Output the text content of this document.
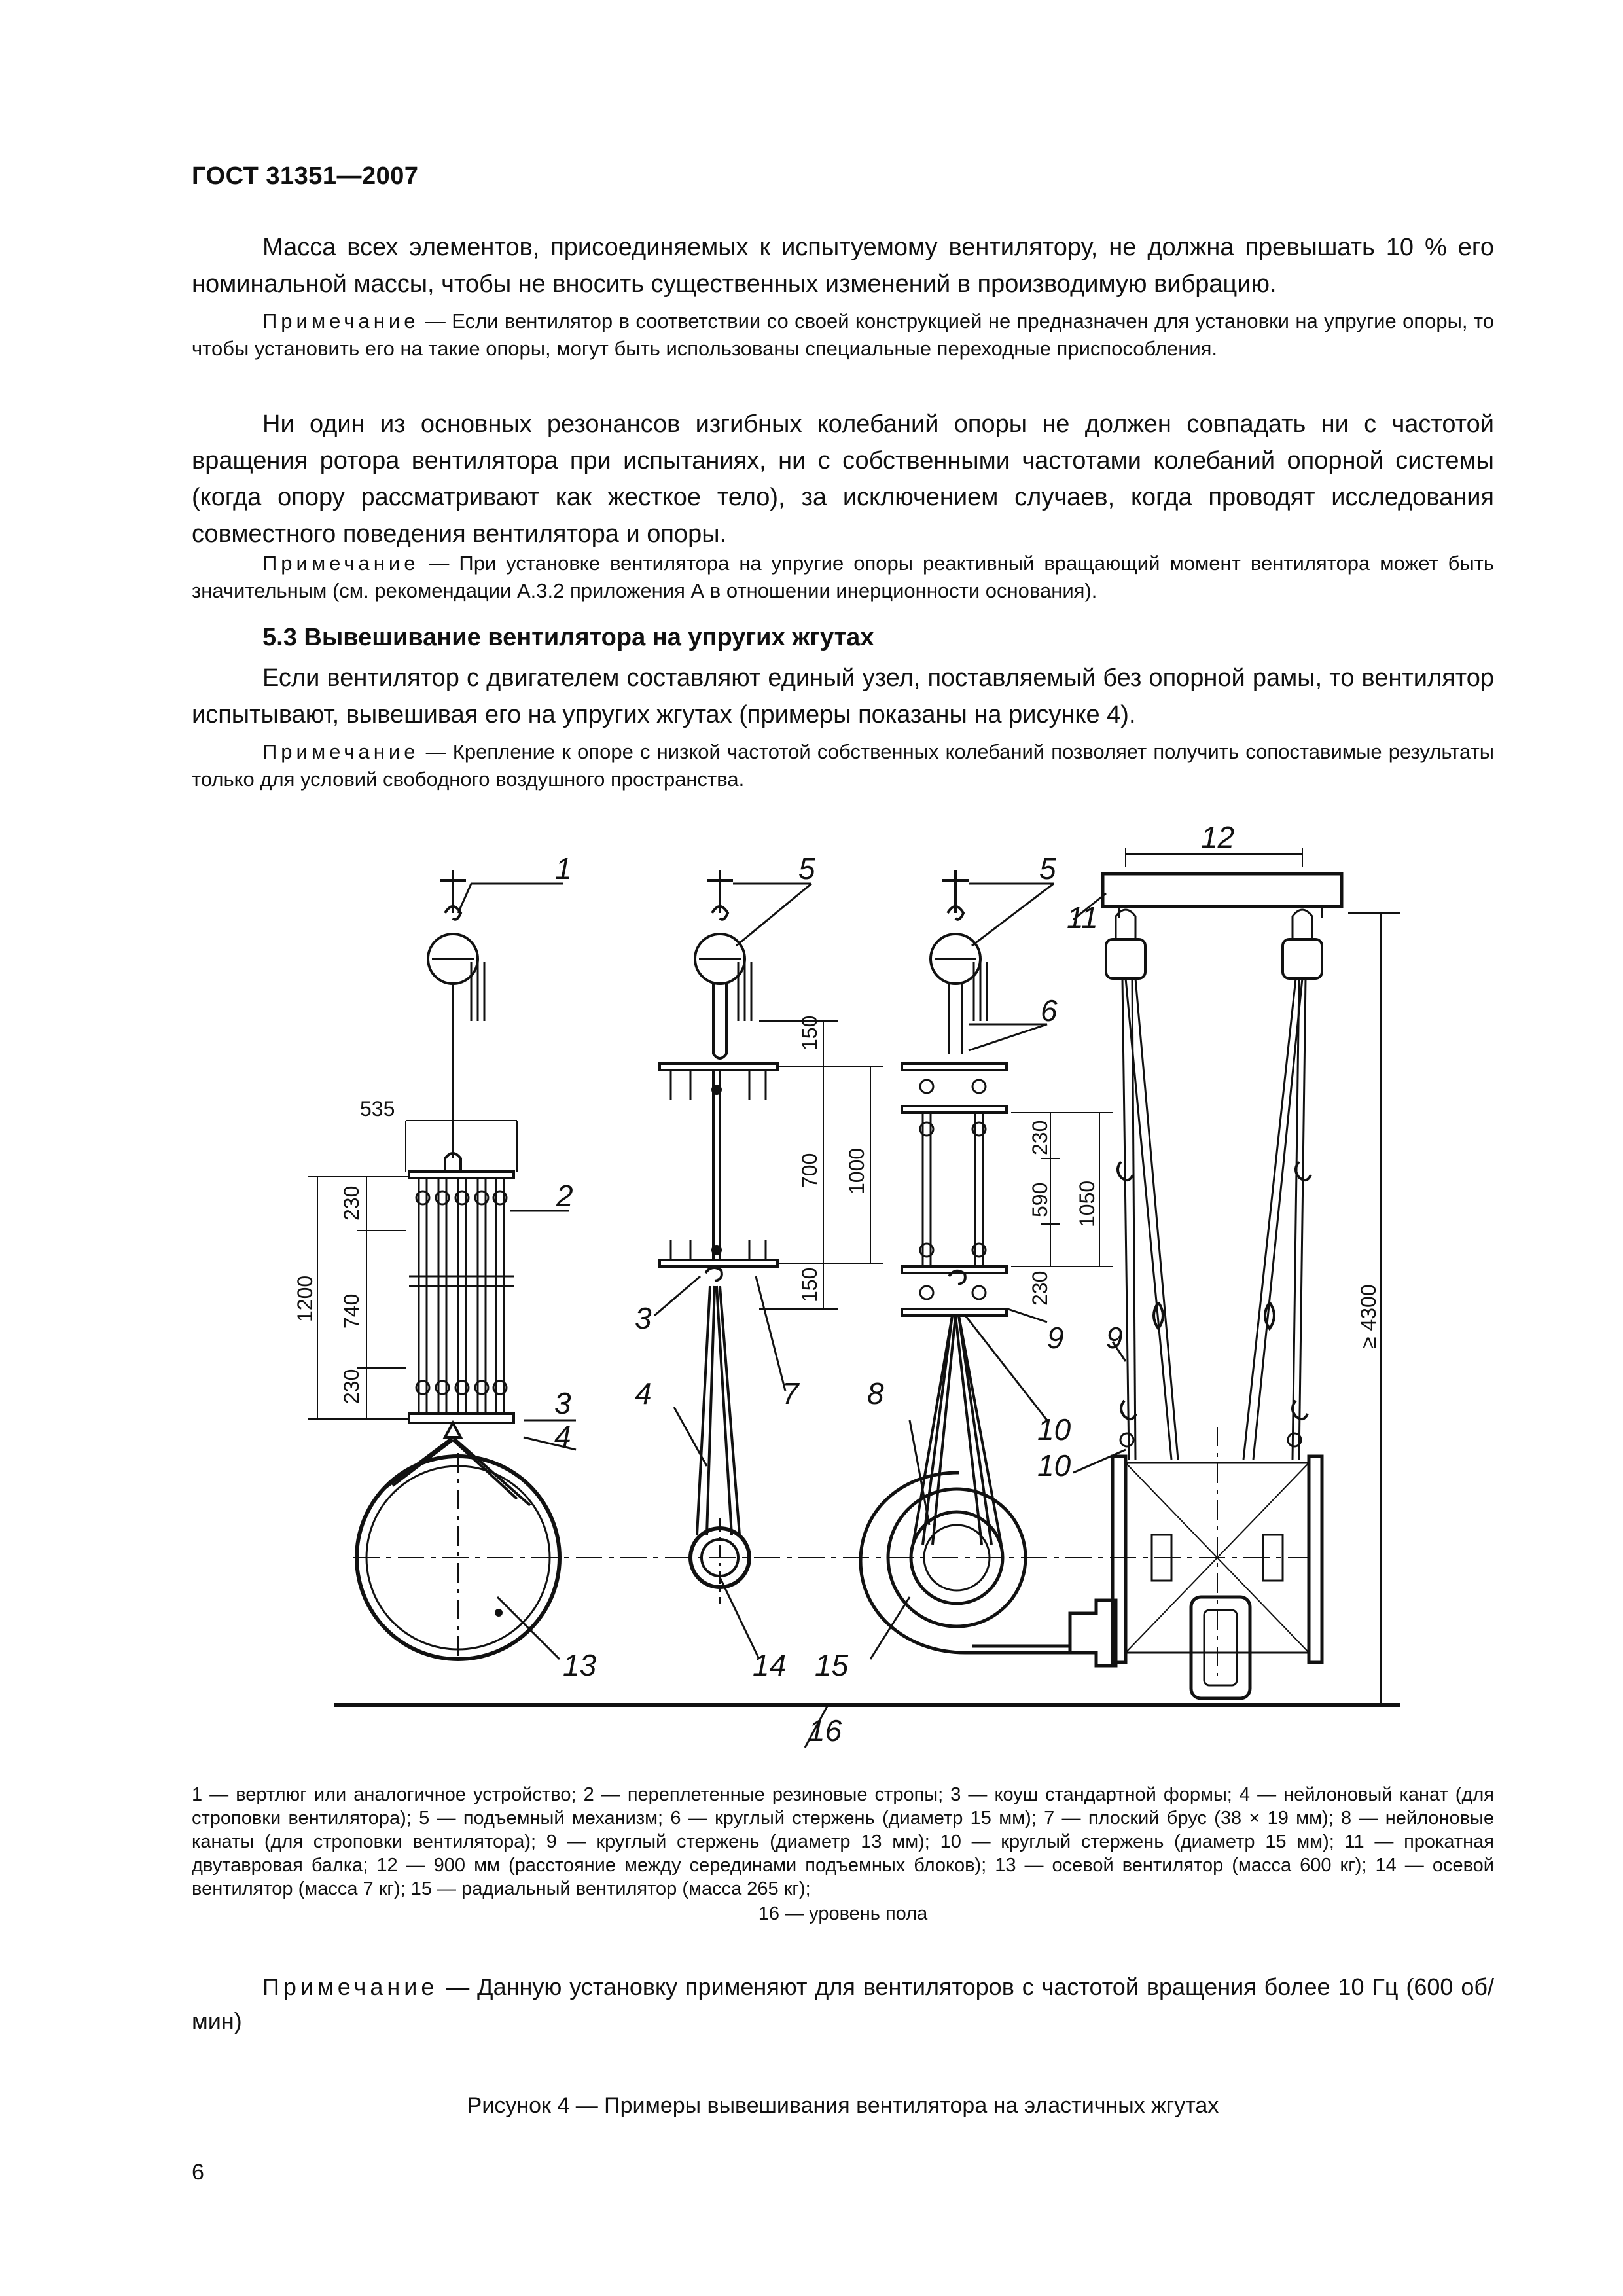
ГОСТ 31351—2007

Масса всех элементов, присоединяемых к испытуемому вентилятору, не должна превышать 10 % его номинальной массы, чтобы не вносить существенных изменений в производимую вибрацию.

Примечание — Если вентилятор в соответствии со своей конструкцией не предназначен для установки на упругие опоры, то чтобы установить его на такие опоры, могут быть использованы специальные переходные приспособления.

Ни один из основных резонансов изгибных колебаний опоры не должен совпадать ни с частотой вращения ротора вентилятора при испытаниях, ни с собственными частотами колебаний опорной системы (когда опору рассматривают как жесткое тело), за исключением случаев, когда проводят исследования совместного поведения вентилятора и опоры.

Примечание — При установке вентилятора на упругие опоры реактивный вращающий момент вентилятора может быть значительным (см. рекомендации А.3.2 приложения А в отношении инерционности основания).

5.3 Вывешивание вентилятора на упругих жгутах

Если вентилятор с двигателем составляют единый узел, поставляемый без опорной рамы, то вентилятор испытывают, вывешивая его на упругих жгутах (примеры показаны на рисунке 4).

Примечание — Крепление к опоре с низкой частотой собственных колебаний позволяет получить сопоставимые результаты только для условий свободного воздушного пространства.

1
2
3
4
5
3
4	7
14
5
6
8
9
10
15
12
11
9
10
13
16
535
1200
230
740
230
150
700 1000
150
230
590 1050
230	≥ 4300

1 — вертлюг или аналогичное устройство; 2 — переплетенные резиновые стропы; 3 — коуш стандартной формы; 4 — нейлоновый канат (для строповки вентилятора); 5 — подъемный механизм; 6 — круглый стержень (диаметр 15 мм); 7 — плоский брус (38 × 19 мм); 8 — нейлоновые канаты (для строповки вентилятора); 9 — круглый стержень (диаметр 13 мм); 10 — круглый стержень (диаметр 15 мм); 11 — прокатная двутавровая балка; 12 — 900 мм (расстояние между серединами подъемных блоков); 13 — осевой вентилятор (масса 600 кг); 14 — осевой вентилятор (масса 7 кг); 15 — радиальный вентилятор (масса 265 кг);

16 — уровень пола

Примечание — Данную установку применяют для вентиляторов с частотой вращения более 10 Гц (600 об/мин)

Рисунок 4 — Примеры вывешивания вентилятора на эластичных жгутах
6
